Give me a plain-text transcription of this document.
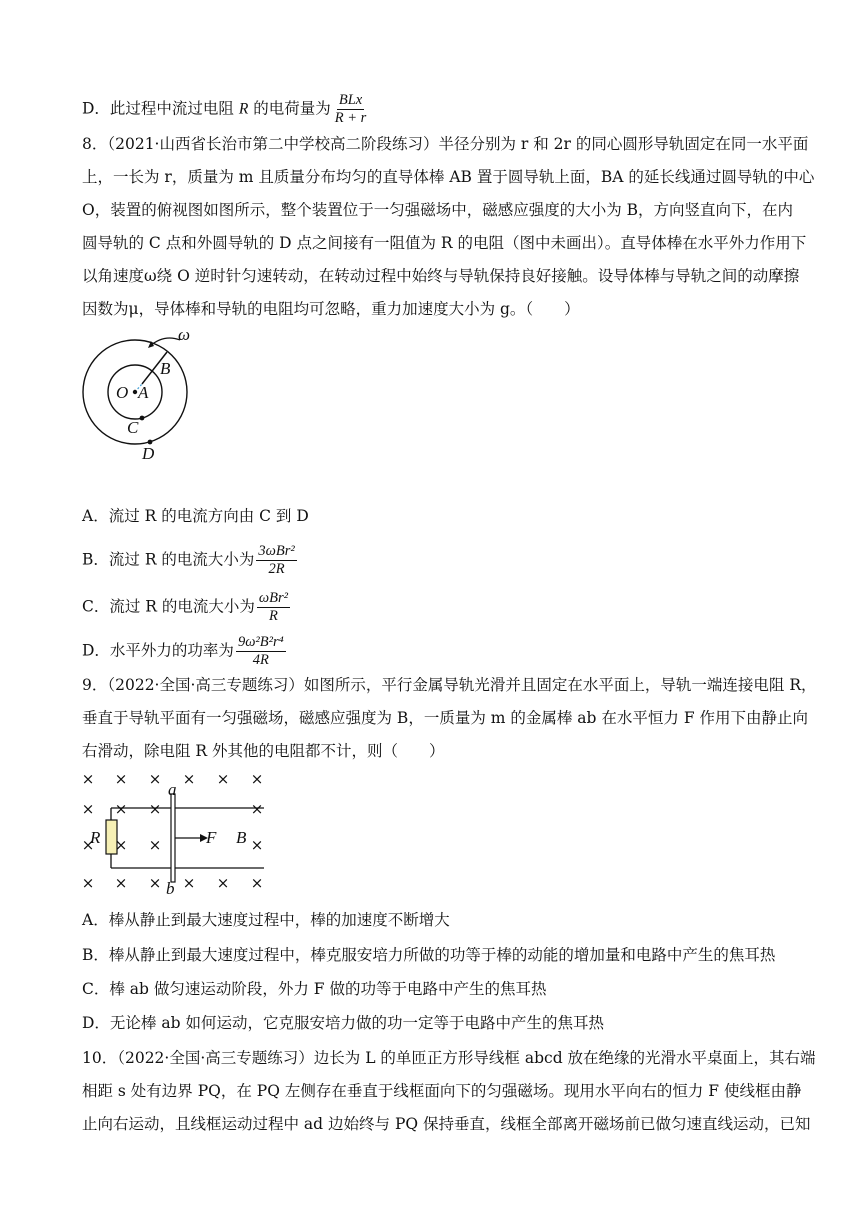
D．此过程中流过电阻 R 的电荷量为 $\frac{\text{BLx}}{R + r}$
8．（2021·山西省长治市第二中学校高二阶段练习）半径分别为 r 和 2r 的同心圆形导轨固定在同一水平面
上，一长为 r，质量为 m 且质量分布均匀的直导体棒 AB 置于圆导轨上面，BA 的延长线通过圆导轨的中心
O，装置的俯视图如图所示，整个装置位于一匀强磁场中，磁感应强度的大小为 B，方向竖直向下，在内
圆导轨的 C 点和外圆导轨的 D 点之间接有一阻值为 R 的电阻（图中未画出）。直导体棒在水平外力作用下
以角速度ω绕 O 逆时针匀速转动，在转动过程中始终与导轨保持良好接触。设导体棒与导轨之间的动摩擦
因数为μ，导体棒和导轨的电阻均可忽略，重力加速度大小为 g。（　　）
ω
B
O A
C
D
A．流过 R 的电流方向由 C 到 D
B．流过 R 的电流大小为 $\frac{\text{3ωBr²}}{2R}$
C．流过 R 的电流大小为 $\frac{\text{ωBr²}}{R}$
D．水平外力的功率为 $\frac{\text{9ω²B²r⁴}}{4R}$
9．（2022·全国·高三专题练习）如图所示，平行金属导轨光滑并且固定在水平面上，导轨一端连接电阻 R，
垂直于导轨平面有一匀强磁场，磁感应强度为 B，一质量为 m 的金属棒 ab 在水平恒力 F 作用下由静止向
右滑动，除电阻 R 外其他的电阻都不计，则（　　）
a
b
R	F B
× × × × × ×
× × ×	×
× × ×	×
× × × × × ×
A．棒从静止到最大速度过程中，棒的加速度不断增大
B．棒从静止到最大速度过程中，棒克服安培力所做的功等于棒的动能的增加量和电路中产生的焦耳热
C．棒 ab 做匀速运动阶段，外力 F 做的功等于电路中产生的焦耳热
D．无论棒 ab 如何运动，它克服安培力做的功一定等于电路中产生的焦耳热
10．（2022·全国·高三专题练习）边长为 L 的单匝正方形导线框 abcd 放在绝缘的光滑水平桌面上，其右端
相距 s 处有边界 PQ，在 PQ 左侧存在垂直于线框面向下的匀强磁场。现用水平向右的恒力 F 使线框由静
止向右运动，且线框运动过程中 ad 边始终与 PQ 保持垂直，线框全部离开磁场前已做匀速直线运动，已知
